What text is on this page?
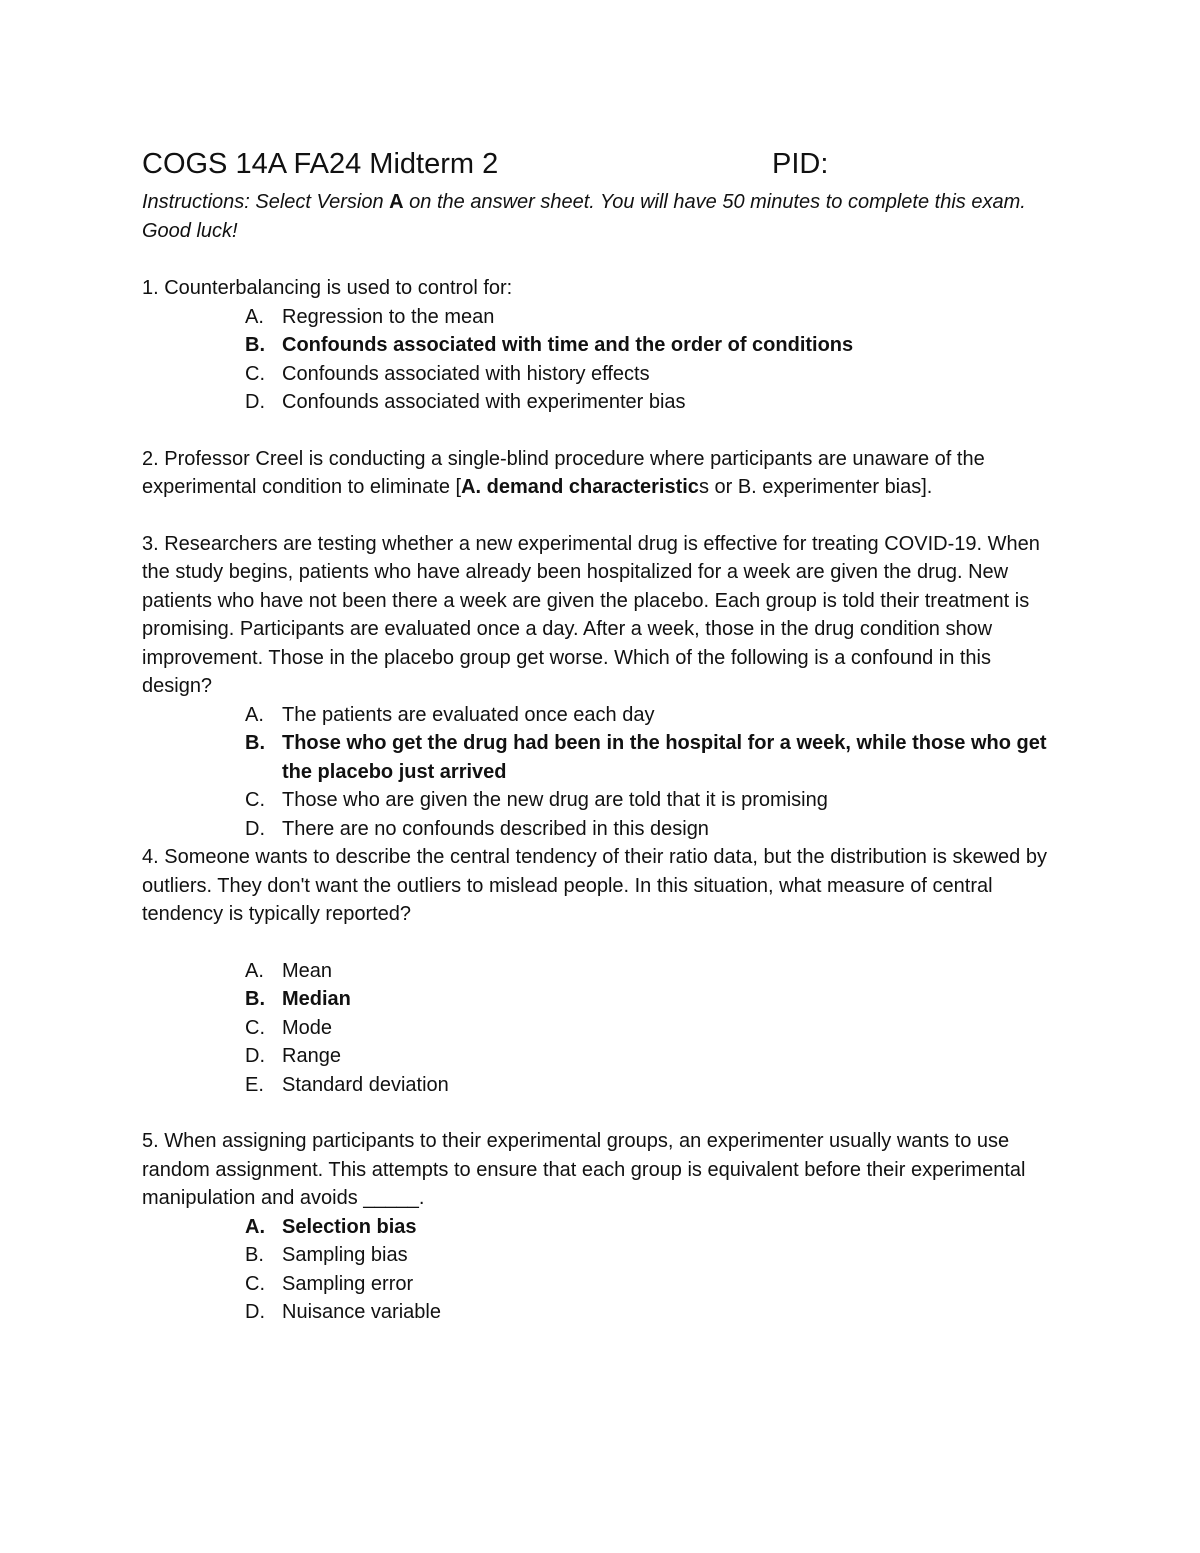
COGS 14A FA24 Midterm 2	PID:
Instructions: Select Version A on the answer sheet. You will have 50 minutes to complete this exam. Good luck!
1. Counterbalancing is used to control for:
A. Regression to the mean
B. Confounds associated with time and the order of conditions
C. Confounds associated with history effects
D. Confounds associated with experimenter bias
2. Professor Creel is conducting a single-blind procedure where participants are unaware of the experimental condition to eliminate [A. demand characteristics or B. experimenter bias].
3. Researchers are testing whether a new experimental drug is effective for treating COVID-19. When the study begins, patients who have already been hospitalized for a week are given the drug. New patients who have not been there a week are given the placebo. Each group is told their treatment is promising. Participants are evaluated once a day. After a week, those in the drug condition show improvement. Those in the placebo group get worse. Which of the following is a confound in this design?
A. The patients are evaluated once each day
B. Those who get the drug had been in the hospital for a week, while those who get the placebo just arrived
C. Those who are given the new drug are told that it is promising
D. There are no confounds described in this design
4. Someone wants to describe the central tendency of their ratio data, but the distribution is skewed by outliers. They don't want the outliers to mislead people. In this situation, what measure of central tendency is typically reported?
A. Mean
B. Median
C. Mode
D. Range
E. Standard deviation
5. When assigning participants to their experimental groups, an experimenter usually wants to use random assignment. This attempts to ensure that each group is equivalent before their experimental manipulation and avoids _____.
A. Selection bias
B. Sampling bias
C. Sampling error
D. Nuisance variable
